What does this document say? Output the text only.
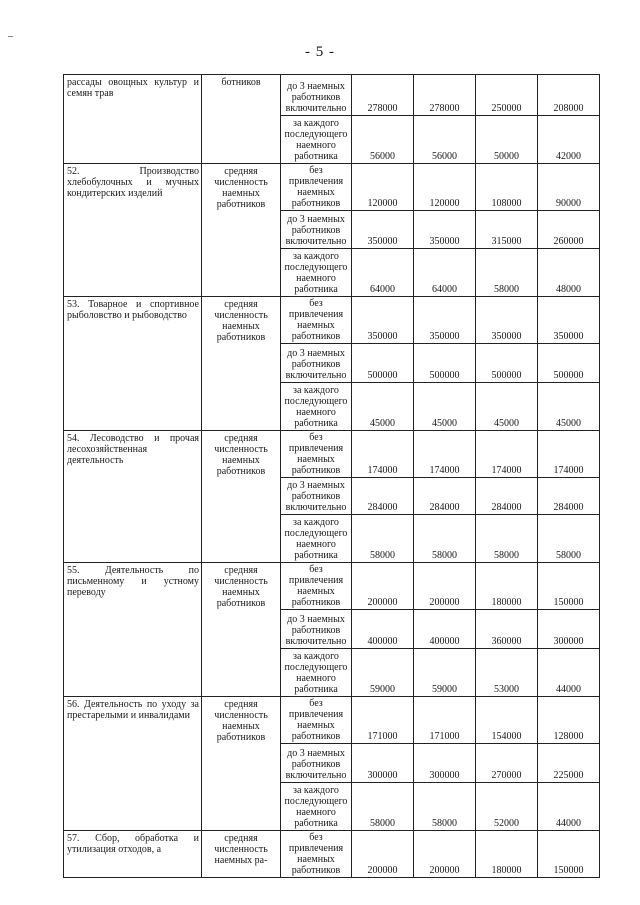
- 5 -
рассады овощных культур и семян трав	ботников	до 3 наемных работников включительно	278000	278000	250000	208000
		за каждого последующего наемного работника	56000	56000	50000	42000
52. Производство хлебобулочных и мучных кондитерских изделий	средняя численность наемных работников	без привлечения наемных работников	120000	120000	108000	90000
		до 3 наемных работников включительно	350000	350000	315000	260000
		за каждого последующего наемного работника	64000	64000	58000	48000
53. Товарное и спортивное рыболовство и рыбоводство	средняя численность наемных работников	без привлечения наемных работников	350000	350000	350000	350000
		до 3 наемных работников включительно	500000	500000	500000	500000
		за каждого последующего наемного работника	45000	45000	45000	45000
54. Лесоводство и прочая лесохозяйственная деятельность	средняя численность наемных работников	без привлечения наемных работников	174000	174000	174000	174000
		до 3 наемных работников включительно	284000	284000	284000	284000
		за каждого последующего наемного работника	58000	58000	58000	58000
55. Деятельность по письменному и устному переводу	средняя численность наемных работников	без привлечения наемных работников	200000	200000	180000	150000
		до 3 наемных работников включительно	400000	400000	360000	300000
		за каждого последующего наемного работника	59000	59000	53000	44000
56. Деятельность по уходу за престарелыми и инвалидами	средняя численность наемных работников	без привлечения наемных работников	171000	171000	154000	128000
		до 3 наемных работников включительно	300000	300000	270000	225000
		за каждого последующего наемного работника	58000	58000	52000	44000
57. Сбор, обработка и утилизация отходов, а	средняя численность наемных ра-	без привлечения наемных работников	200000	200000	180000	150000
